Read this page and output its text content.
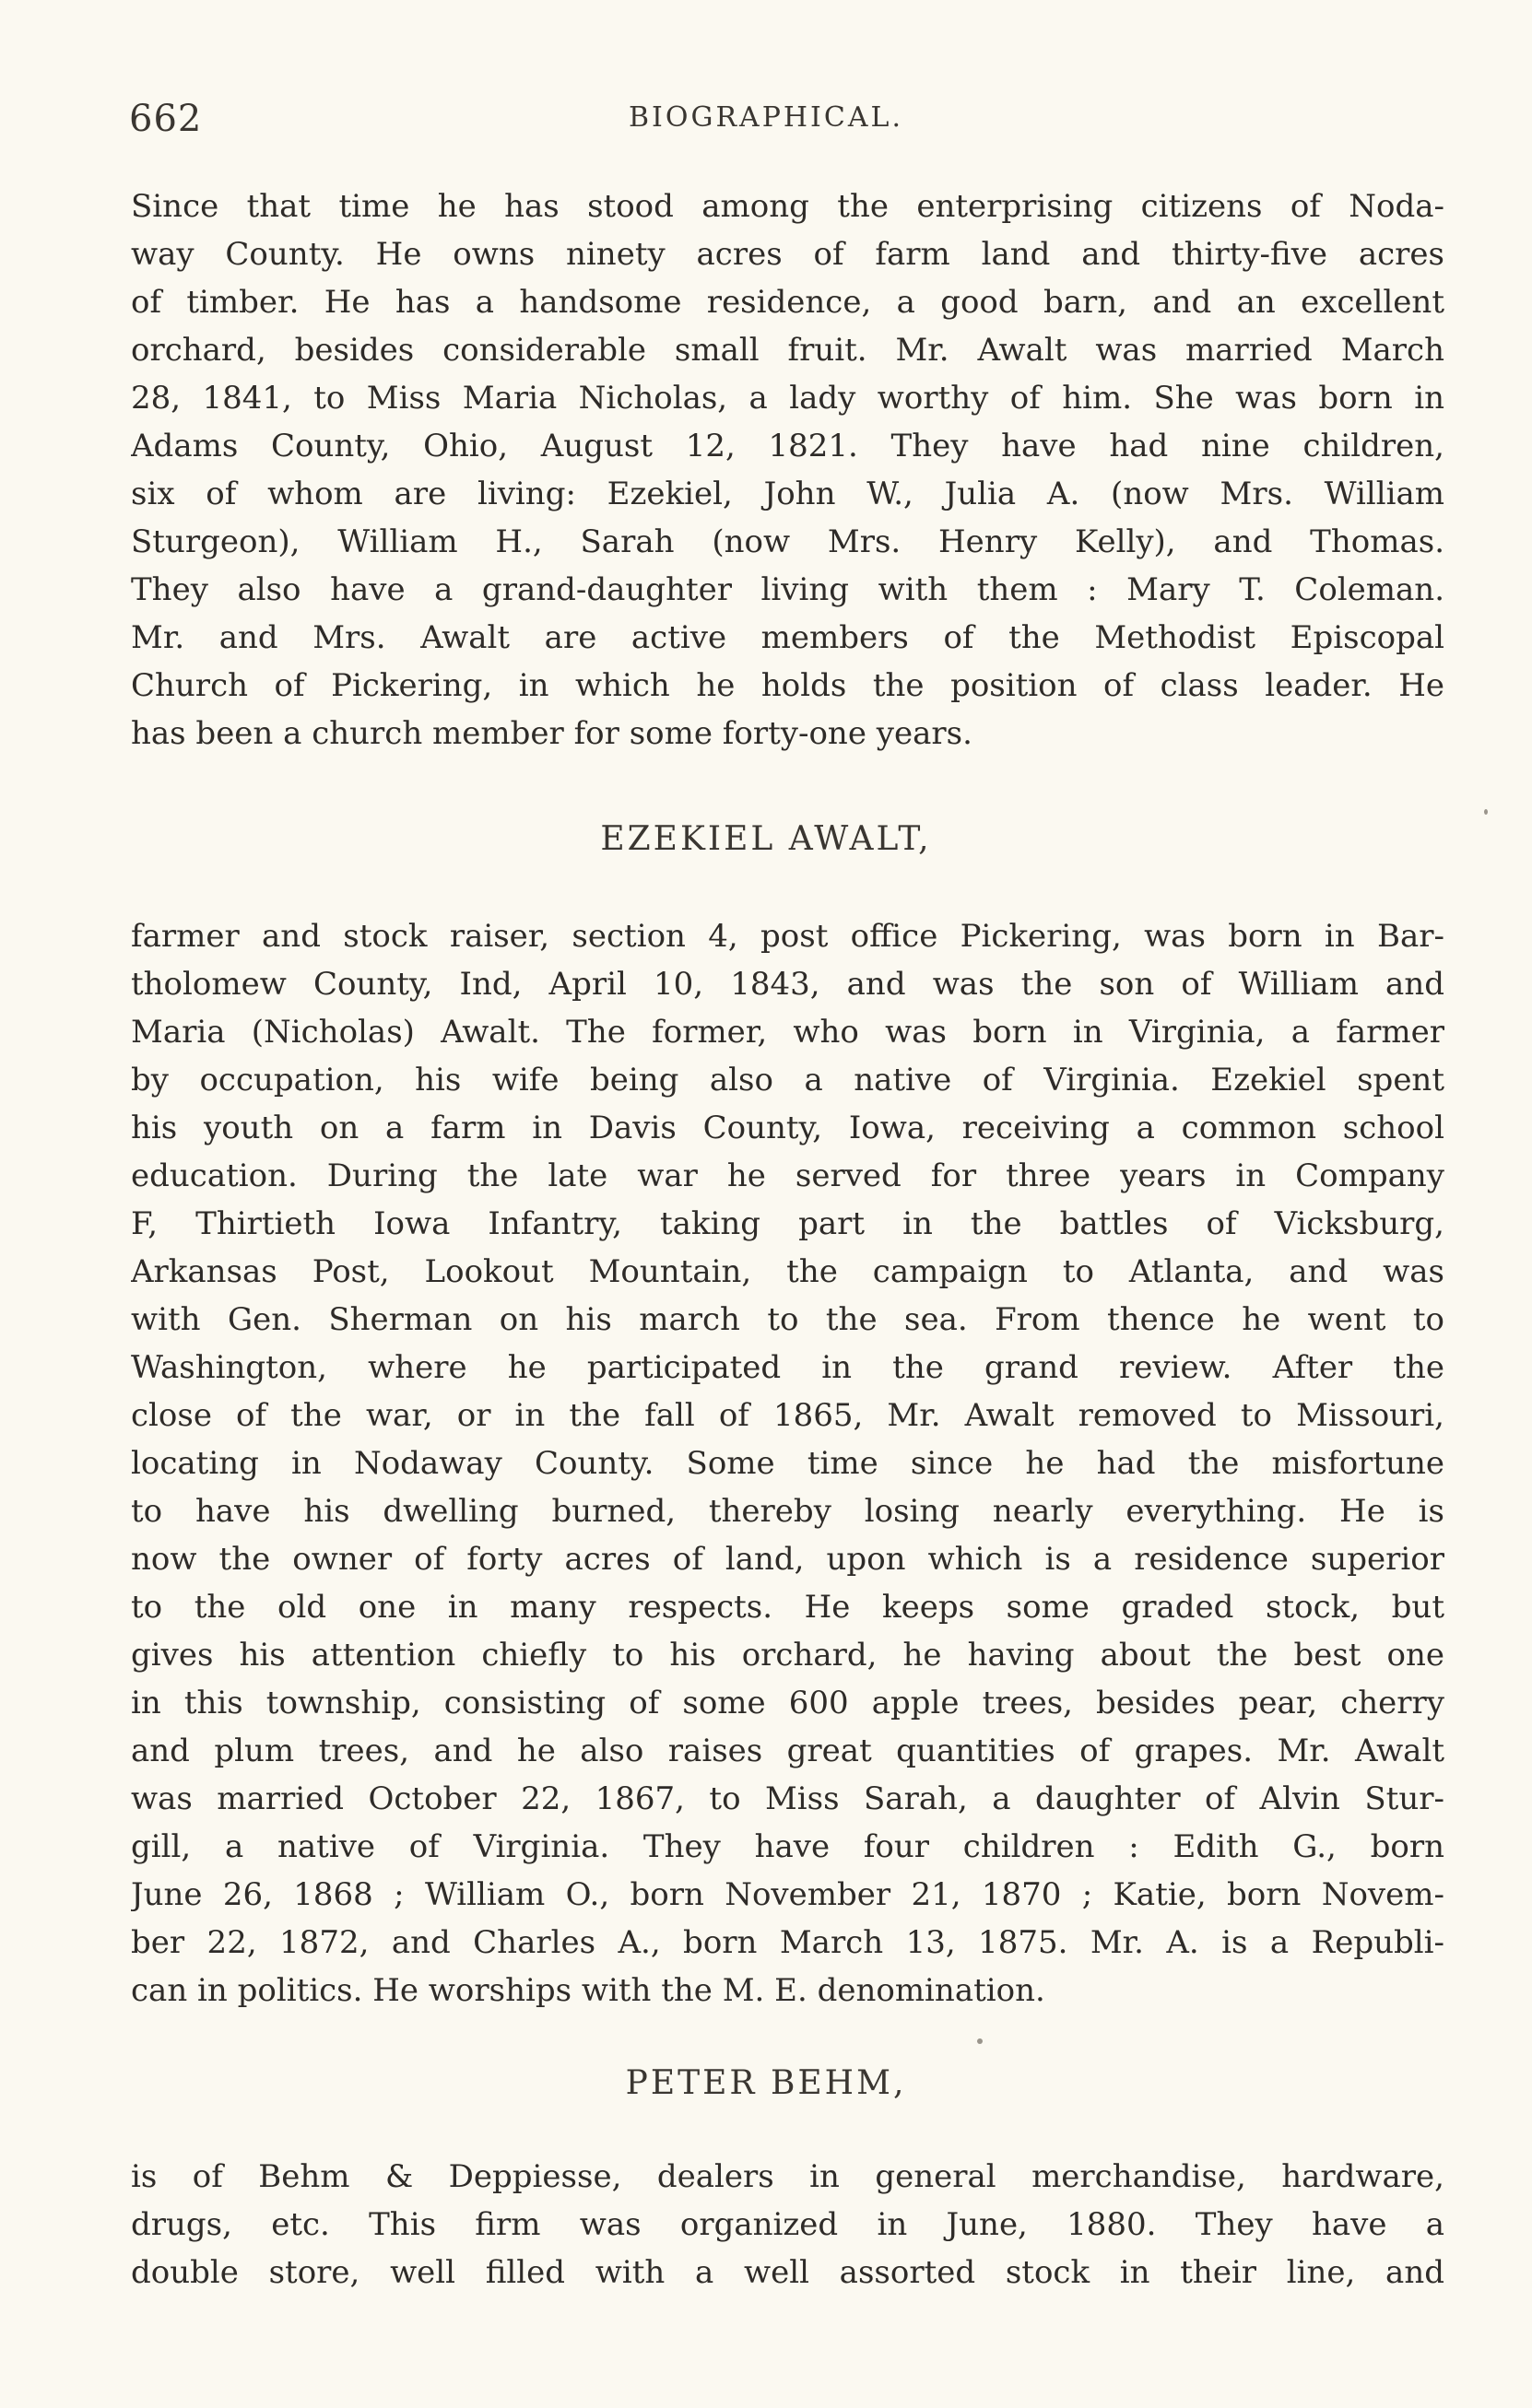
662	BIOGRAPHICAL.
Since that time he has stood among the enterprising citizens of Noda-
way County. He owns ninety acres of farm land and thirty-five acres
of timber. He has a handsome residence, a good barn, and an excellent
orchard, besides considerable small fruit. Mr. Awalt was married March
28, 1841, to Miss Maria Nicholas, a lady worthy of him. She was born in
Adams County, Ohio, August 12, 1821. They have had nine children,
six of whom are living: Ezekiel, John W., Julia A. (now Mrs. William
Sturgeon), William H., Sarah (now Mrs. Henry Kelly), and Thomas.
They also have a grand-daughter living with them : Mary T. Coleman.
Mr. and Mrs. Awalt are active members of the Methodist Episcopal
Church of Pickering, in which he holds the position of class leader. He
has been a church member for some forty-one years.
EZEKIEL AWALT,
farmer and stock raiser, section 4, post office Pickering, was born in Bar-
tholomew County, Ind, April 10, 1843, and was the son of William and
Maria (Nicholas) Awalt. The former, who was born in Virginia, a farmer
by occupation, his wife being also a native of Virginia. Ezekiel spent
his youth on a farm in Davis County, Iowa, receiving a common school
education. During the late war he served for three years in Company
F, Thirtieth Iowa Infantry, taking part in the battles of Vicksburg,
Arkansas Post, Lookout Mountain, the campaign to Atlanta, and was
with Gen. Sherman on his march to the sea. From thence he went to
Washington, where he participated in the grand review. After the
close of the war, or in the fall of 1865, Mr. Awalt removed to Missouri,
locating in Nodaway County. Some time since he had the misfortune
to have his dwelling burned, thereby losing nearly everything. He is
now the owner of forty acres of land, upon which is a residence superior
to the old one in many respects. He keeps some graded stock, but
gives his attention chiefly to his orchard, he having about the best one
in this township, consisting of some 600 apple trees, besides pear, cherry
and plum trees, and he also raises great quantities of grapes. Mr. Awalt
was married October 22, 1867, to Miss Sarah, a daughter of Alvin Stur-
gill, a native of Virginia. They have four children : Edith G., born
June 26, 1868 ; William O., born November 21, 1870 ; Katie, born Novem-
ber 22, 1872, and Charles A., born March 13, 1875. Mr. A. is a Republi-
can in politics. He worships with the M. E. denomination.
PETER BEHM,
is of Behm & Deppiesse, dealers in general merchandise, hardware,
drugs, etc. This firm was organized in June, 1880. They have a
double store, well filled with a well assorted stock in their line, and
